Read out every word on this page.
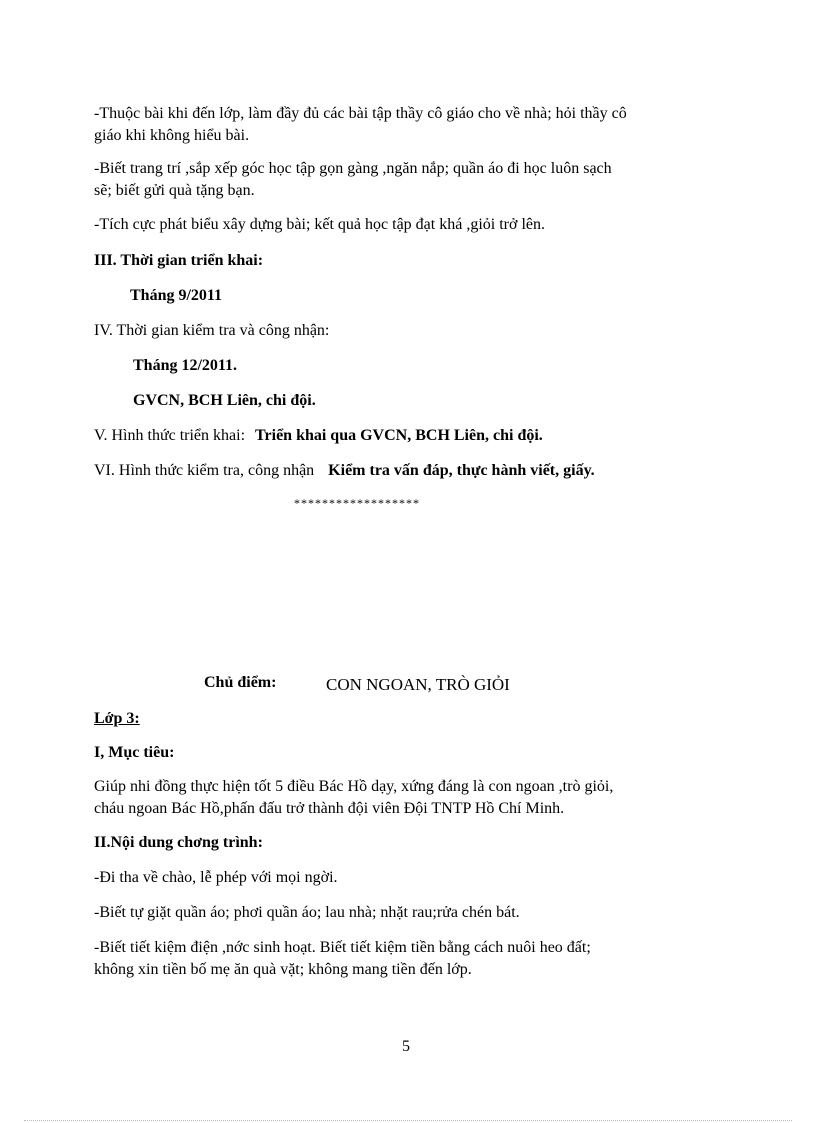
-Thuộc bài khi đến lớp, làm đầy đủ các bài tập thầy cô giáo cho về nhà; hỏi thầy cô
giáo khi không hiểu bài.
-Biết trang trí ,sắp xếp góc học tập gọn gàng ,ngăn nắp; quần áo đi học luôn sạch
sẽ; biết gửi quà tặng bạn.
-Tích cực phát biểu xây dựng bài; kết quả học tập đạt khá ,giỏi trở lên.
III. Thời gian triển khai:
Tháng 9/2011
IV. Thời gian kiểm tra và công nhận:
Tháng 12/2011.
GVCN, BCH Liên, chi đội.
V. Hình thức triển khai: Triển khai qua GVCN, BCH Liên, chi đội.
VI. Hình thức kiểm tra, công nhận Kiểm tra vấn đáp, thực hành viết, giấy.
******************
Chủ điểm:	CON NGOAN, TRÒ GIỎI
Lớp 3:
I, Mục tiêu:
Giúp nhi đồng thực hiện tốt 5 điều Bác Hồ dạy, xứng đáng là con ngoan ,trò giỏi,
cháu ngoan Bác Hồ,phấn đấu trở thành đội viên Đội TNTP Hồ Chí Minh.
II.Nội dung chơng trình:
-Đi tha về chào, lễ phép với mọi ngời.
-Biết tự giặt quần áo; phơi quần áo; lau nhà; nhặt rau;rửa chén bát.
-Biết tiết kiệm điện ,nớc sinh hoạt. Biết tiết kiệm tiền bằng cách nuôi heo đất;
không xin tiền bố mẹ ăn quà vặt; không mang tiền đến lớp.
5
